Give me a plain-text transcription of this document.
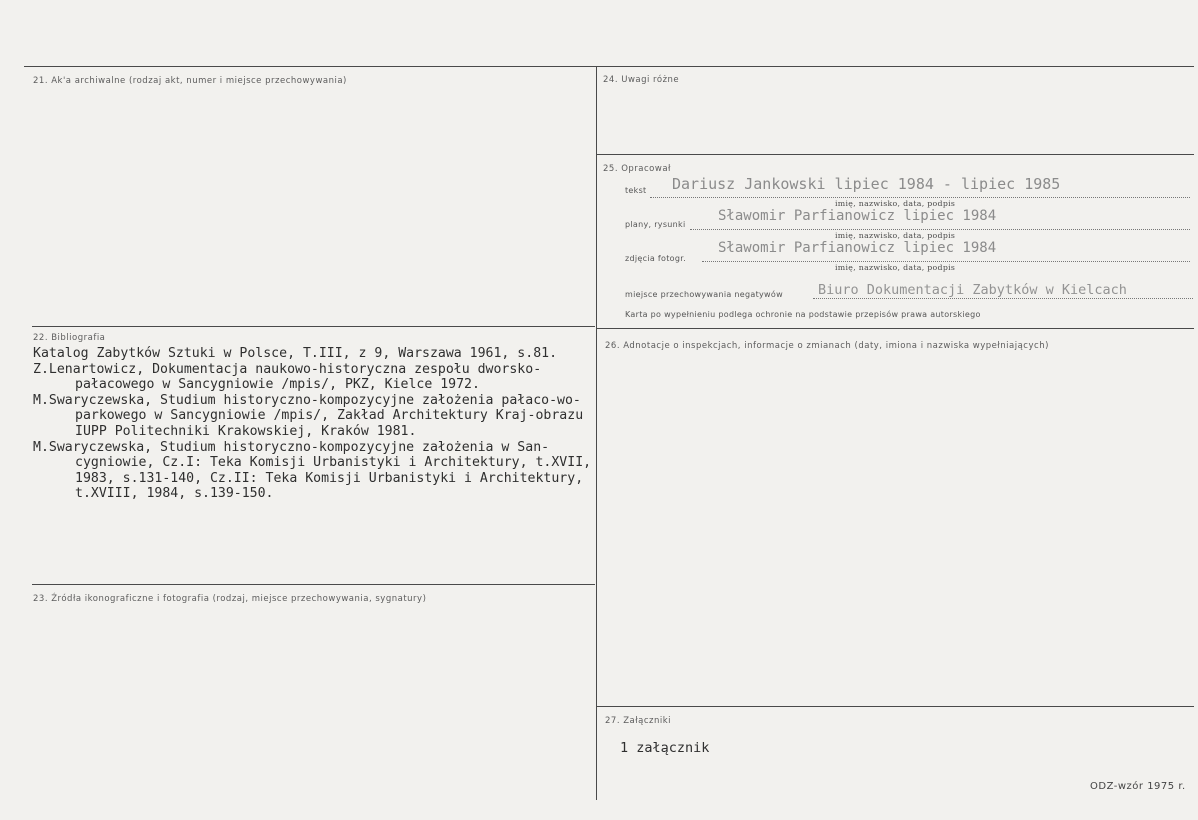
21. Ak'a archiwalne (rodzaj akt, numer i miejsce przechowywania)
22. Bibliografia
Katalog Zabytków Sztuki w Polsce, T.III, z 9, Warszawa 1961, s.81.
Z.Lenartowicz, Dokumentacja naukowo-historyczna zespołu dworsko-pałacowego w Sancygniowie /mpis/, PKZ, Kielce 1972.
M.Swaryczewska, Studium historyczno-kompozycyjne założenia pałaco-wo-parkowego w Sancygniowie /mpis/, Zakład Architektury Kraj-obrazu IUPP Politechniki Krakowskiej, Kraków 1981.
M.Swaryczewska, Studium historyczno-kompozycyjne założenia w San-cygniowie, Cz.I: Teka Komisji Urbanistyki i Architektury, t.XVII, 1983, s.131-140, Cz.II: Teka Komisji Urbanistyki i Architektury, t.XVIII, 1984, s.139-150.
23. Źródła ikonograficzne i fotografia (rodzaj, miejsce przechowywania, sygnatury)
24. Uwagi różne
25. Opracował
tekst Dariusz Jankowski lipiec 1984 - lipiec 1985
imię, nazwisko, data, podpis
plany, rysunki
Sławomir Parfianowicz lipiec 1984
imię, nazwisko, data, podpis
zdjęcia fotogr.
Sławomir Parfianowicz lipiec 1984
imię, nazwisko, data, podpis
miejsce przechowywania negatywów	Biuro Dokumentacji Zabytków w Kielcach
Karta po wypełnieniu podlega ochronie na podstawie przepisów prawa autorskiego
26. Adnotacje o inspekcjach, informacje o zmianach (daty, imiona i nazwiska wypełniających)
27. Załączniki
1 załącznik
ODZ-wzór 1975 r.
